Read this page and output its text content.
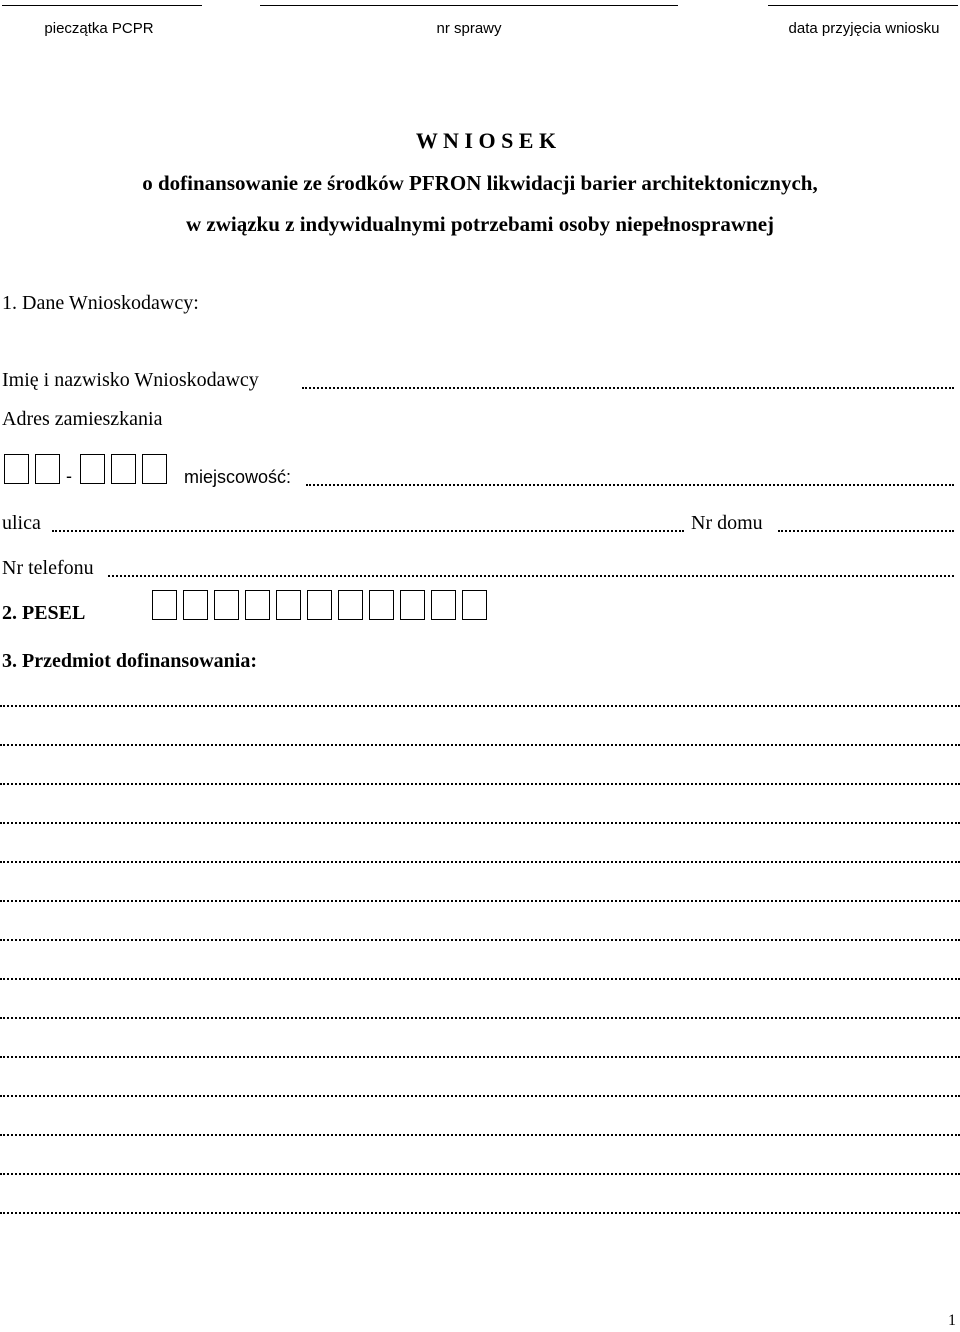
pieczątka PCPR	nr sprawy	data przyjęcia wniosku
W N I O S E K
o dofinansowanie ze środków PFRON likwidacji barier architektonicznych,
w związku z indywidualnymi potrzebami osoby niepełnosprawnej
1. Dane Wnioskodawcy:
Imię i nazwisko Wnioskodawcy
Adres zamieszkania
-	miejscowość:
ulica	Nr domu
Nr telefonu
2. PESEL
3. Przedmiot dofinansowania:
1
